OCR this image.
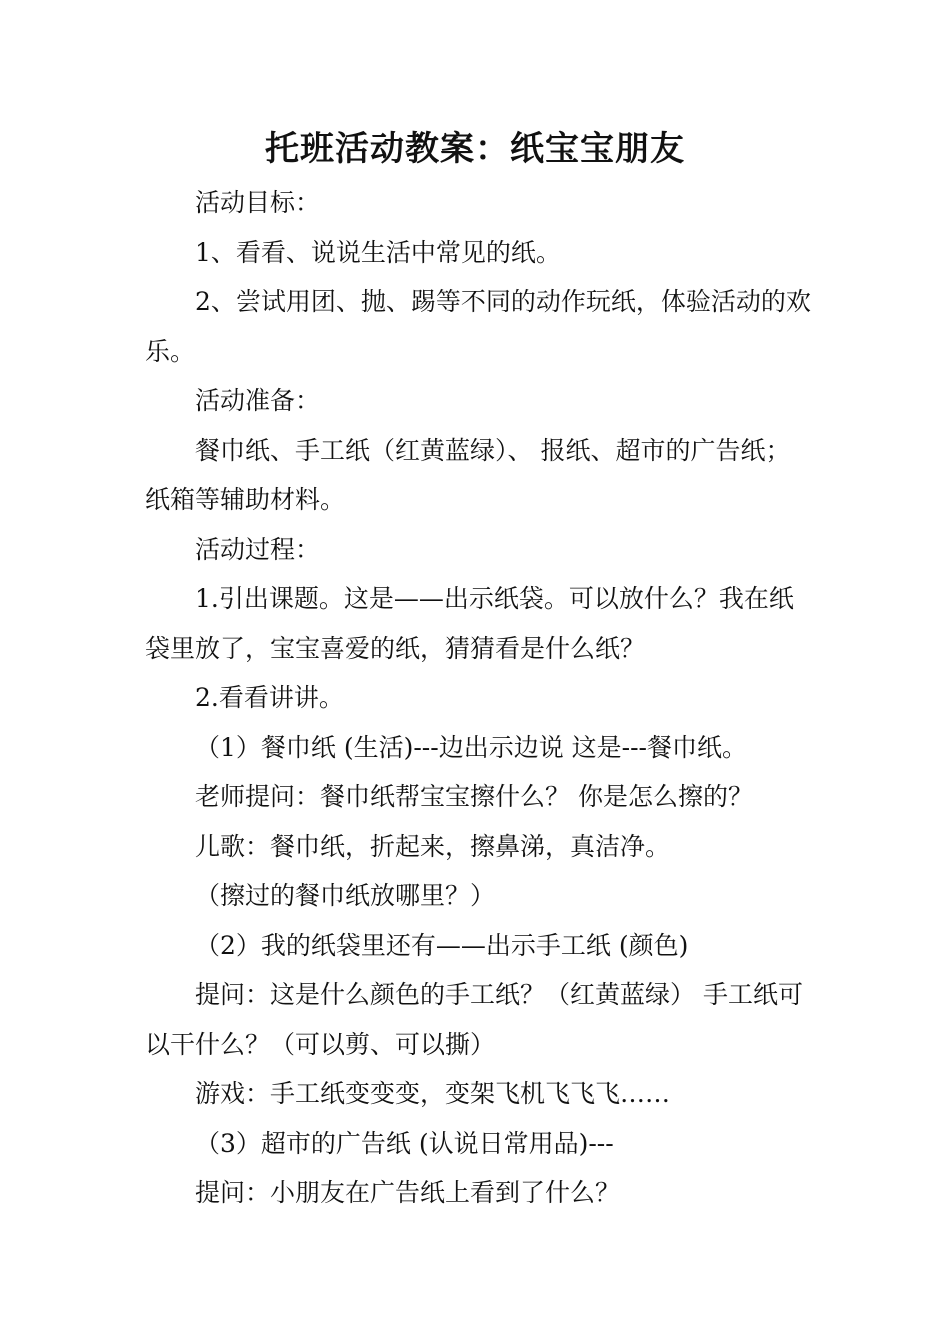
托班活动教案：纸宝宝朋友

活动目标：

1、看看、说说生活中常见的纸。

2、尝试用团、抛、踢等不同的动作玩纸，体验活动的欢乐。

活动准备：

餐巾纸、手工纸（红黄蓝绿）、 报纸、超市的广告纸；纸箱等辅助材料。

活动过程：

1.引出课题。这是——出示纸袋。可以放什么？我在纸袋里放了，宝宝喜爱的纸，猜猜看是什么纸？

2.看看讲讲。

（1）餐巾纸 (生活)---边出示边说 这是---餐巾纸。

老师提问：餐巾纸帮宝宝擦什么？ 你是怎么擦的？

儿歌：餐巾纸，折起来，擦鼻涕，真洁净。

（擦过的餐巾纸放哪里？）

（2）我的纸袋里还有——出示手工纸 (颜色)

提问：这是什么颜色的手工纸？（红黄蓝绿） 手工纸可以干什么？（可以剪、可以撕）

游戏：手工纸变变变，变架飞机飞飞飞……

（3）超市的广告纸 (认说日常用品)---

提问：小朋友在广告纸上看到了什么？
